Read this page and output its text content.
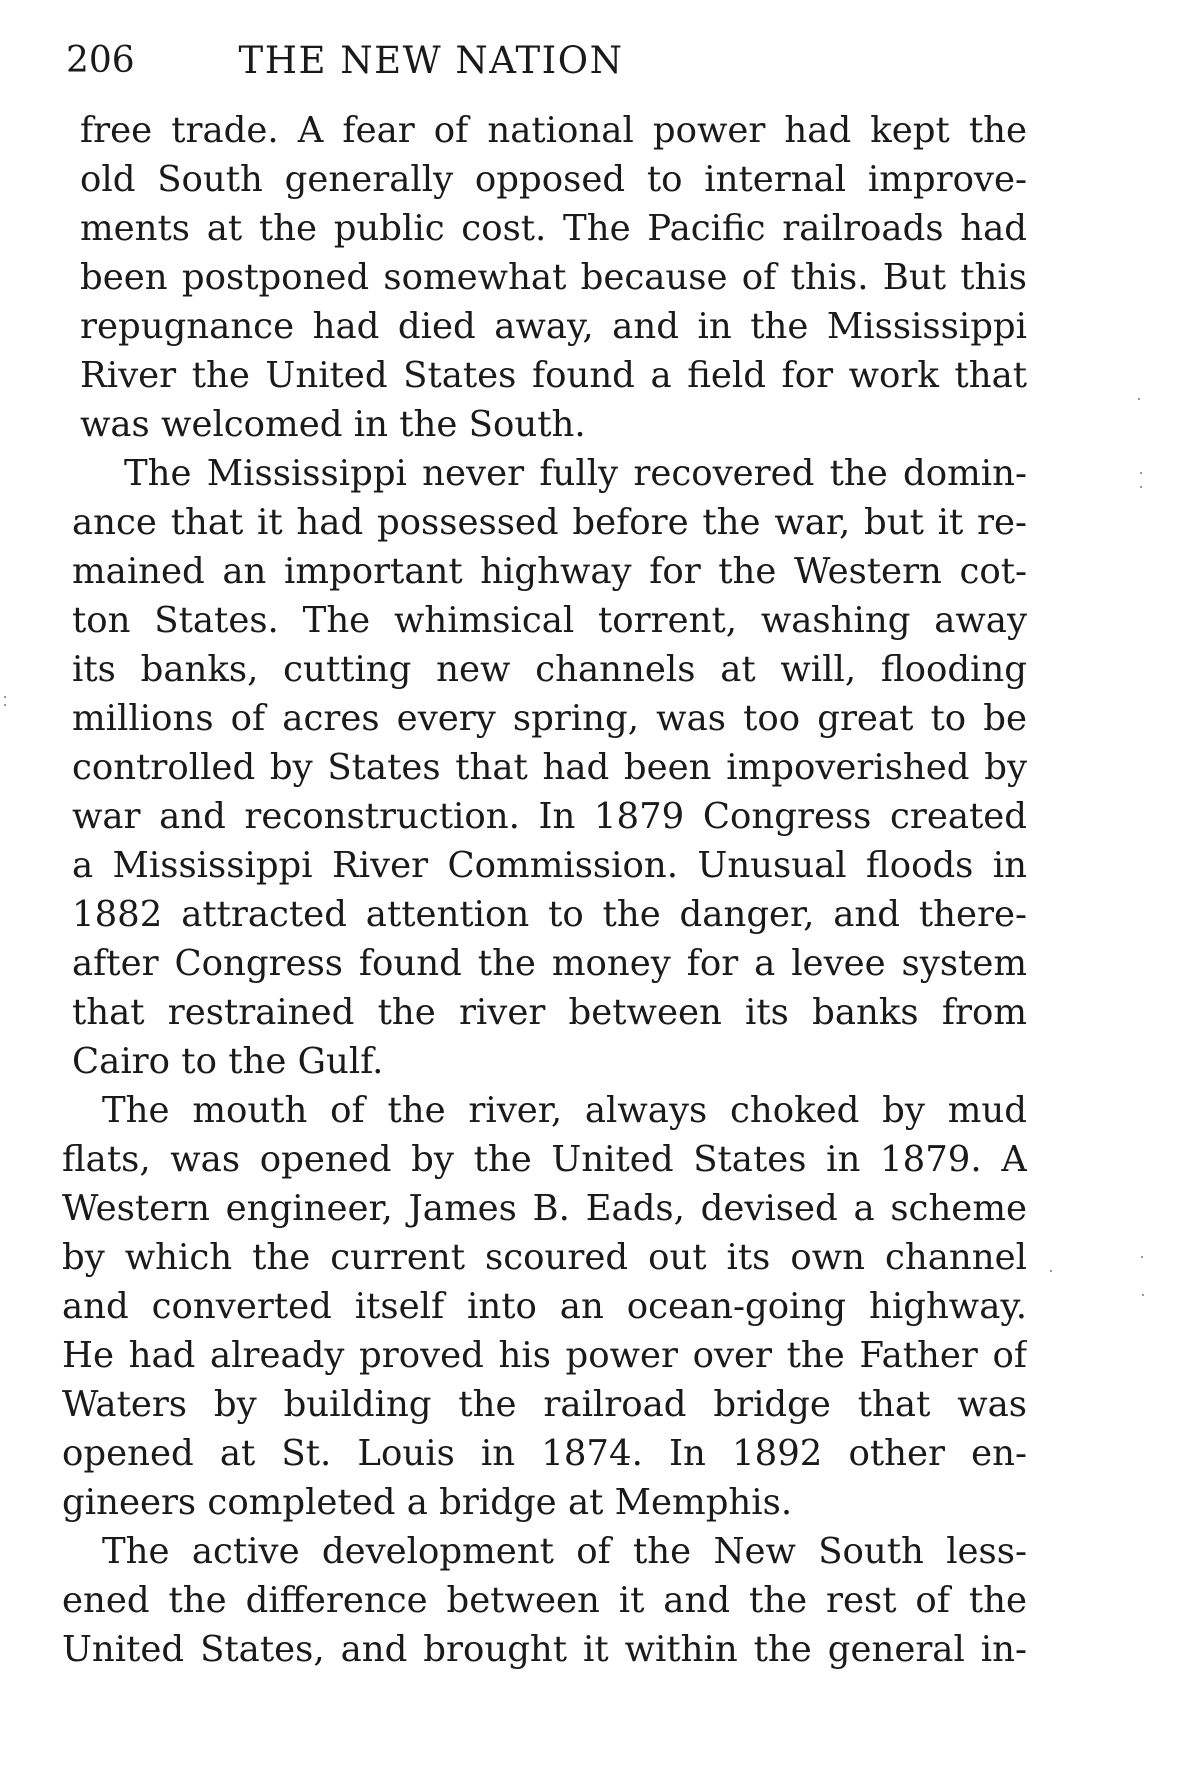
206	THE NEW NATION
free trade. A fear of national power had kept the
old South generally opposed to internal improve-
ments at the public cost. The Pacific railroads had
been postponed somewhat because of this. But this
repugnance had died away, and in the Mississippi
River the United States found a field for work that
was welcomed in the South.
The Mississippi never fully recovered the domin-
ance that it had possessed before the war, but it re-
mained an important highway for the Western cot-
ton States. The whimsical torrent, washing away
its banks, cutting new channels at will, flooding
millions of acres every spring, was too great to be
controlled by States that had been impoverished by
war and reconstruction. In 1879 Congress created
a Mississippi River Commission. Unusual floods in
1882 attracted attention to the danger, and there-
after Congress found the money for a levee system
that restrained the river between its banks from
Cairo to the Gulf.
The mouth of the river, always choked by mud
flats, was opened by the United States in 1879. A
Western engineer, James B. Eads, devised a scheme
by which the current scoured out its own channel
and converted itself into an ocean-going highway.
He had already proved his power over the Father of
Waters by building the railroad bridge that was
opened at St. Louis in 1874. In 1892 other en-
gineers completed a bridge at Memphis.
The active development of the New South less-
ened the difference between it and the rest of the
United States, and brought it within the general in-
